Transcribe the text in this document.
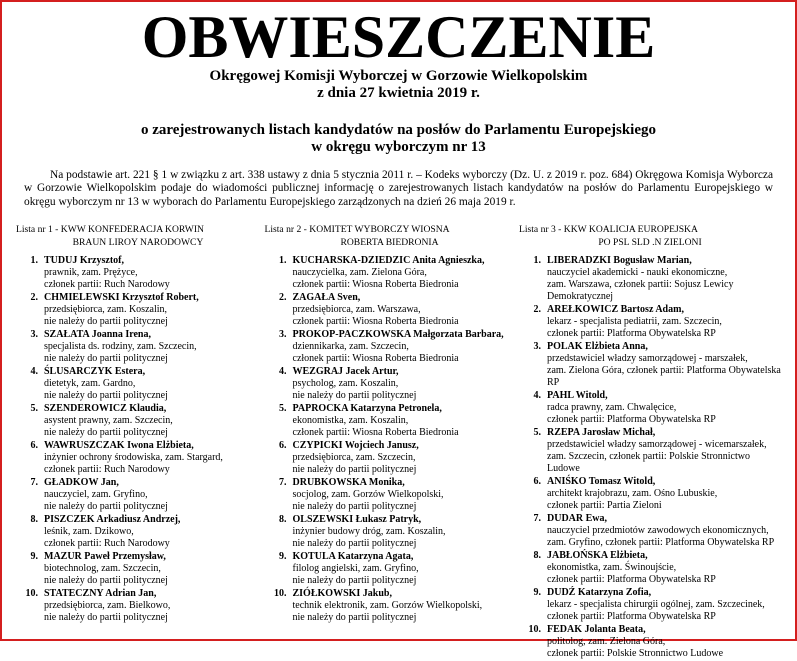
OBWIESZCZENIE
Okręgowej Komisji Wyborczej w Gorzowie Wielkopolskim
z dnia 27 kwietnia 2019 r.
o zarejestrowanych listach kandydatów na posłów do Parlamentu Europejskiego
w okręgu wyborczym nr 13

Na podstawie art. 221 § 1 w związku z art. 338 ustawy z dnia 5 stycznia 2011 r. – Kodeks wyborczy (Dz. U. z 2019 r. poz. 684) Okręgowa Komisja Wyborcza w Gorzowie Wielkopolskim podaje do wiadomości publicznej informację o zarejestrowanych listach kandydatów na posłów do Parlamentu Europejskiego w okręgu wyborczym nr 13 w wyborach do Parlamentu Europejskiego zarządzonych na dzień 26 maja 2019 r.

Lista nr 1 - KWW KONFEDERACJA KORWIN
BRAUN LIROY NARODOWCY
1. TUDUJ Krzysztof,
prawnik, zam. Prężyce,
członek partii: Ruch Narodowy
2. CHMIELEWSKI Krzysztof Robert,
przedsiębiorca, zam. Koszalin,
nie należy do partii politycznej
3. SZAŁATA Joanna Irena,
specjalista ds. rodziny, zam. Szczecin,
nie należy do partii politycznej
4. ŚLUSARCZYK Estera,
dietetyk, zam. Gardno,
nie należy do partii politycznej
5. SZENDEROWICZ Klaudia,
asystent prawny, zam. Szczecin,
nie należy do partii politycznej
6. WAWRUSZCZAK Iwona Elżbieta,
inżynier ochrony środowiska, zam. Stargard,
członek partii: Ruch Narodowy
7. GŁADKOW Jan,
nauczyciel, zam. Gryfino,
nie należy do partii politycznej
8. PISZCZEK Arkadiusz Andrzej,
leśnik, zam. Dzikowo,
członek partii: Ruch Narodowy
9. MAZUR Paweł Przemysław,
biotechnolog, zam. Szczecin,
nie należy do partii politycznej
10. STATECZNY Adrian Jan,
przedsiębiorca, zam. Bielkowo,
nie należy do partii politycznej
Lista nr 2 - KOMITET WYBORCZY WIOSNA
ROBERTA BIEDRONIA
1. KUCHARSKA-DZIEDZIC Anita Agnieszka,
nauczycielka, zam. Zielona Góra,
członek partii: Wiosna Roberta Biedronia
2. ZAGAŁA Sven,
przedsiębiorca, zam. Warszawa,
członek partii: Wiosna Roberta Biedronia
3. PROKOP-PACZKOWSKA Małgorzata Barbara,
dziennikarka, zam. Szczecin,
członek partii: Wiosna Roberta Biedronia
4. WEZGRAJ Jacek Artur,
psycholog, zam. Koszalin,
nie należy do partii politycznej
5. PAPROCKA Katarzyna Petronela,
ekonomistka, zam. Koszalin,
członek partii: Wiosna Roberta Biedronia
6. CZYPICKI Wojciech Janusz,
przedsiębiorca, zam. Szczecin,
nie należy do partii politycznej
7. DRUBKOWSKA Monika,
socjolog, zam. Gorzów Wielkopolski,
nie należy do partii politycznej
8. OLSZEWSKI Łukasz Patryk,
inżynier budowy dróg, zam. Koszalin,
nie należy do partii politycznej
9. KOTULA Katarzyna Agata,
filolog angielski, zam. Gryfino,
nie należy do partii politycznej
10. ZIÓŁKOWSKI Jakub,
technik elektronik, zam. Gorzów Wielkopolski,
nie należy do partii politycznej
Lista nr 3 - KKW KOALICJA EUROPEJSKA
PO PSL SLD .N ZIELONI
1. LIBERADZKI Bogusław Marian,
nauczyciel akademicki - nauki ekonomiczne,
zam. Warszawa, członek partii: Sojusz Lewicy Demokratycznej
2. AREŁKOWICZ Bartosz Adam,
lekarz - specjalista pediatrii, zam. Szczecin,
członek partii: Platforma Obywatelska RP
3. POLAK Elżbieta Anna,
przedstawiciel władzy samorządowej - marszałek,
zam. Zielona Góra, członek partii: Platforma Obywatelska RP
4. PAHL Witold,
radca prawny, zam. Chwalęcice,
członek partii: Platforma Obywatelska RP
5. RZEPA Jarosław Michał,
przedstawiciel władzy samorządowej - wicemarszałek,
zam. Szczecin, członek partii: Polskie Stronnictwo Ludowe
6. ANIŚKO Tomasz Witold,
architekt krajobrazu, zam. Ośno Lubuskie,
członek partii: Partia Zieloni
7. DUDAR Ewa,
nauczyciel przedmiotów zawodowych ekonomicznych,
zam. Gryfino, członek partii: Platforma Obywatelska RP
8. JABŁOŃSKA Elżbieta,
ekonomistka, zam. Świnoujście,
członek partii: Platforma Obywatelska RP
9. DUDŹ Katarzyna Zofia,
lekarz - specjalista chirurgii ogólnej, zam. Szczecinek,
członek partii: Platforma Obywatelska RP
10. FEDAK Jolanta Beata,
politolog, zam. Zielona Góra,
członek partii: Polskie Stronnictwo Ludowe
